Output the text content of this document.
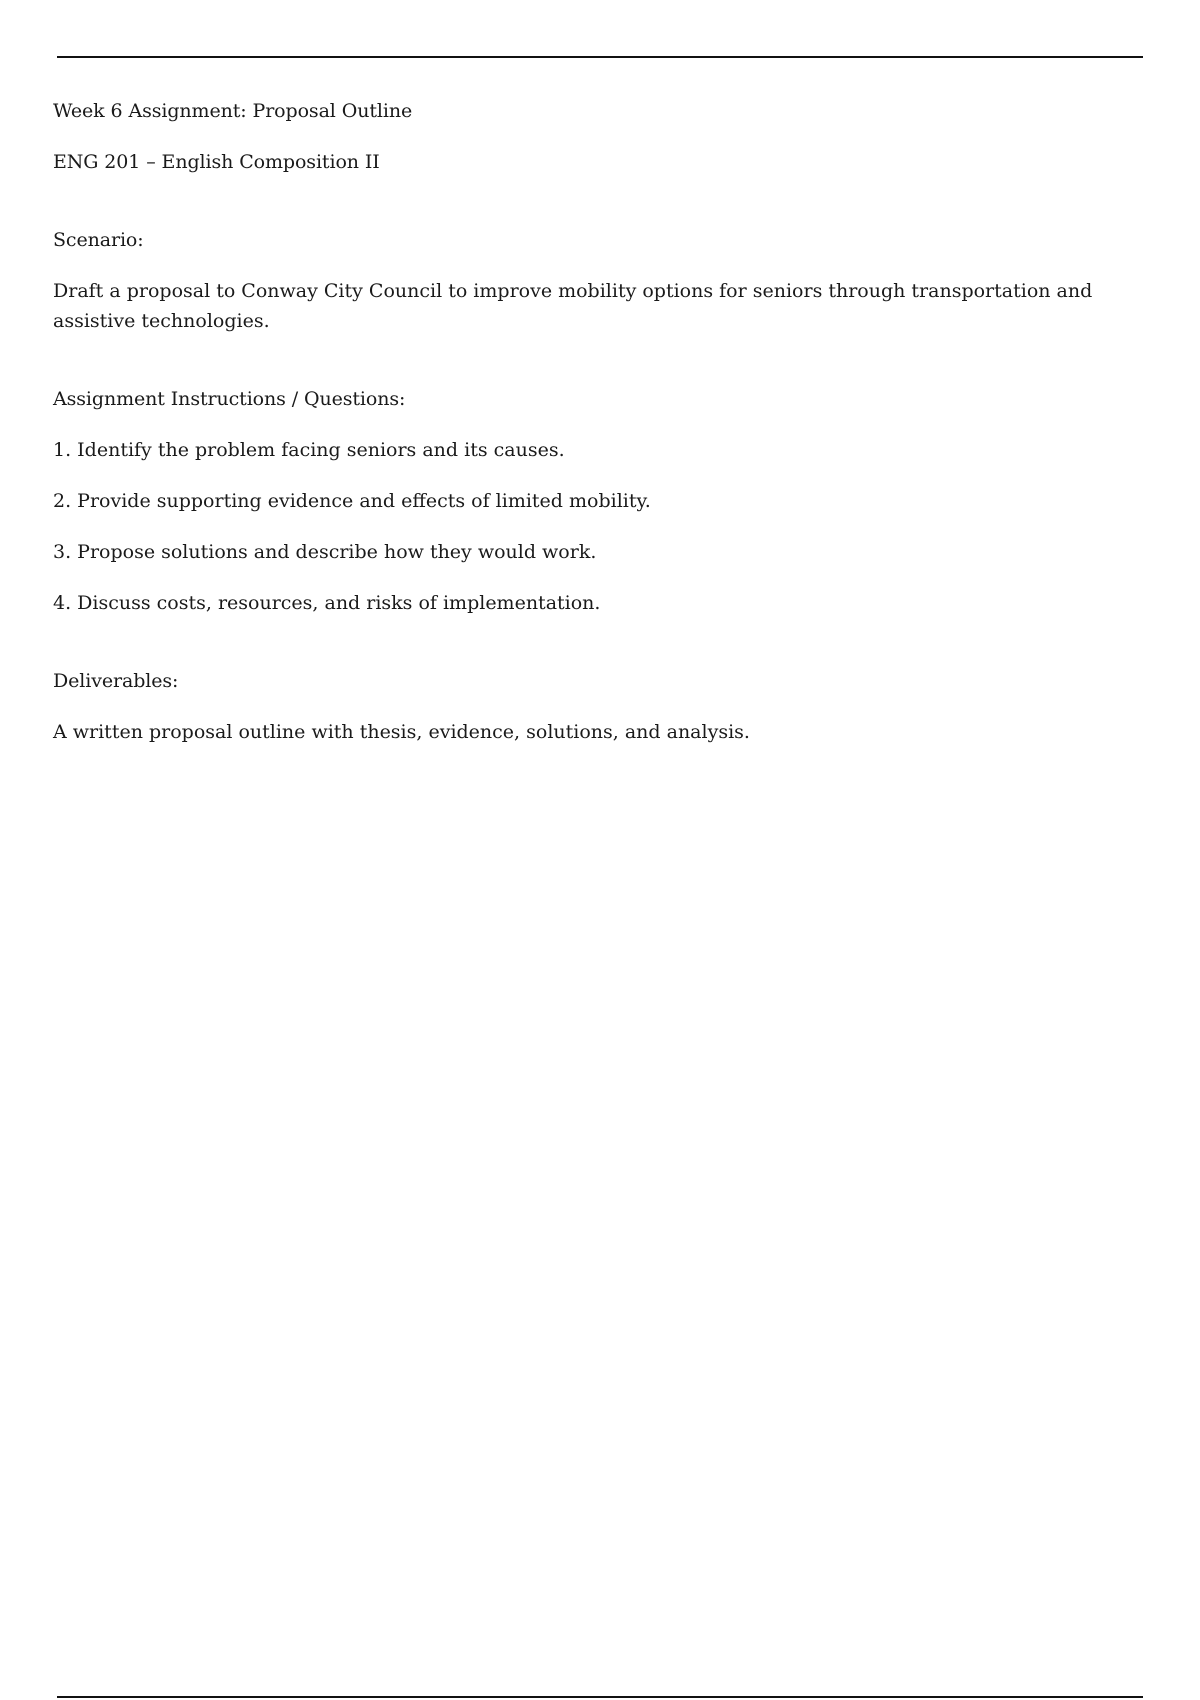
Week 6 Assignment: Proposal Outline

ENG 201 – English Composition II

Scenario:

Draft a proposal to Conway City Council to improve mobility options for seniors through transportation and assistive technologies.

Assignment Instructions / Questions:

1. Identify the problem facing seniors and its causes.

2. Provide supporting evidence and effects of limited mobility.

3. Propose solutions and describe how they would work.

4. Discuss costs, resources, and risks of implementation.

Deliverables:

A written proposal outline with thesis, evidence, solutions, and analysis.
